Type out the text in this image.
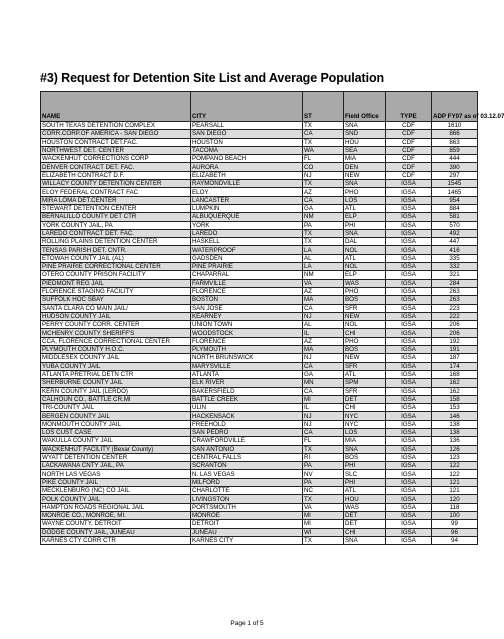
#3) Request for Detention Site List and Average Population
NAME	CITY	ST	Field Office	TYPE	ADP FY07 as of 03.12.07
SOUTH TEXAS DETENTION COMPLEX	PEARSALL	TX	SNA	CDF	1610
CORR.CORP.OF AMERICA - SAN DIEGO	SAN DIEGO	CA	SND	CDF	866
HOUSTON CONTRACT DET.FAC.	HOUSTON	TX	HOU	CDF	863
NORTHWEST DET. CENTER	TACOMA	WA	SEA	CDF	859
WACKENHUT CORRECTIONS CORP	POMPANO BEACH	FL	MIA	CDF	444
DENVER CONTRACT DET. FAC.	AURORA	CO	DEN	CDF	390
ELIZABETH CONTRACT D.F.	ELIZABETH	NJ	NEW	CDF	297
WILLACY COUNTY DETENTION CENTER	RAYMONDVILLE	TX	SNA	IGSA	1545
ELOY FEDERAL CONTRACT FAC	ELOY	AZ	PHO	IGSA	1465
MIRA LOMA DET.CENTER	LANCASTER	CA	LOS	IGSA	954
STEWART DETENTION CENTER	LUMPKIN	GA	ATL	IGSA	884
BERNALILLO COUNTY DET CTR	ALBUQUERQUE	NM	ELP	IGSA	581
YORK COUNTY JAIL, PA	YORK	PA	PHI	IGSA	570
LAREDO CONTRACT DET. FAC.	LAREDO	TX	SNA	IGSA	492
ROLLING PLAINS DETENTION CENTER	HASKELL	TX	DAL	IGSA	447
TENSAS PARISH DET. CNTR.	WATERPROOF	LA	NOL	IGSA	416
ETOWAH COUNTY JAIL (AL)	GADSDEN	AL	ATL	IGSA	335
PINE PRAIRIE CORRECTIONAL CENTER	PINE PRAIRIE	LA	NOL	IGSA	332
OTERO COUNTY PRISON FACILITY	CHAPARRAL	NM	ELP	IGSA	321
PIEDMONT REG JAIL	FARMVILLE	VA	WAS	IGSA	284
FLORENCE STAGING FACILITY	FLORENCE	AZ	PHO	IGSA	263
SUFFOLK HOC SBAY	BOSTON	MA	BOS	IGSA	263
SANTA CLARA CO MAIN JAIL/	SAN JOSE	CA	SFR	IGSA	223
HUDSON COUNTY JAIL	KEARNEY	NJ	NEW	IGSA	222
PERRY COUNTY CORR. CENTER	UNION TOWN	AL	NOL	IGSA	206
MCHENRY COUNTY SHERIFF'S	WOODSTOCK	IL	CHI	IGSA	206
CCA, FLORENCE CORRECTIONAL CENTER	FLORENCE	AZ	PHO	IGSA	192
PLYMOUTH COUNTY H.O.C.	PLYMOUTH	MA	BOS	IGSA	191
MIDDLESEX COUNTY JAIL	NORTH BRUNSWICK	NJ	NEW	IGSA	187
YUBA COUNTY JAIL	MARYSVILLE	CA	SFR	IGSA	174
ATLANTA PRETRIAL DETN CTR	ATLANTA	GA	ATL	IGSA	168
SHERBURNE COUNTY JAIL	ELK RIVER	MN	SPM	IGSA	162
KERN COUNTY JAIL (LERDO)	BAKERSFIELD	CA	SFR	IGSA	162
CALHOUN CO., BATTLE CR,MI	BATTLE CREEK	MI	DET	IGSA	158
TRI-COUNTY JAIL	ULIN	IL	CHI	IGSA	153
BERGEN COUNTY JAIL	HACKENSACK	NJ	NYC	IGSA	146
MONMOUTH COUNTY JAIL	FREEHOLD	NJ	NYC	IGSA	138
LOS CUST CASE	SAN PEDRO	CA	LOS	IGSA	138
WAKULLA COUNTY JAIL	CRAWFORDVILLE	FL	MIA	IGSA	136
WACKENHUT FACILITY (Bexar County)	SAN ANTONIO	TX	SNA	IGSA	126
WYATT DETENTION CENTER	CENTRAL FALLS	RI	BOS	IGSA	123
LACKAWANA CNTY JAIL, PA	SCRANTON	PA	PHI	IGSA	122
NORTH LAS VEGAS	N. LAS VEGAS	NV	SLC	IGSA	122
PIKE COUNTY JAIL	MILFORD	PA	PHI	IGSA	121
MECKLENBURG (NC) CO JAIL	CHARLOTTE	NC	ATL	IGSA	121
POLK COUNTY JAIL	LIVINGSTON	TX	HOU	IGSA	120
HAMPTON ROADS REGIONAL JAIL	PORTSMOUTH	VA	WAS	IGSA	118
MONROE CO., MONROE, MI.	MONROE	MI	DET	IGSA	100
WAYNE COUNTY, DETROIT	DETROIT	MI	DET	IGSA	99
DODGE COUNTY JAIL, JUNEAU	JUNEAU	WI	CHI	IGSA	96
KARNES CTY CORR CTR	KARNES CITY	TX	SNA	IGSA	94
Page 1 of 5
